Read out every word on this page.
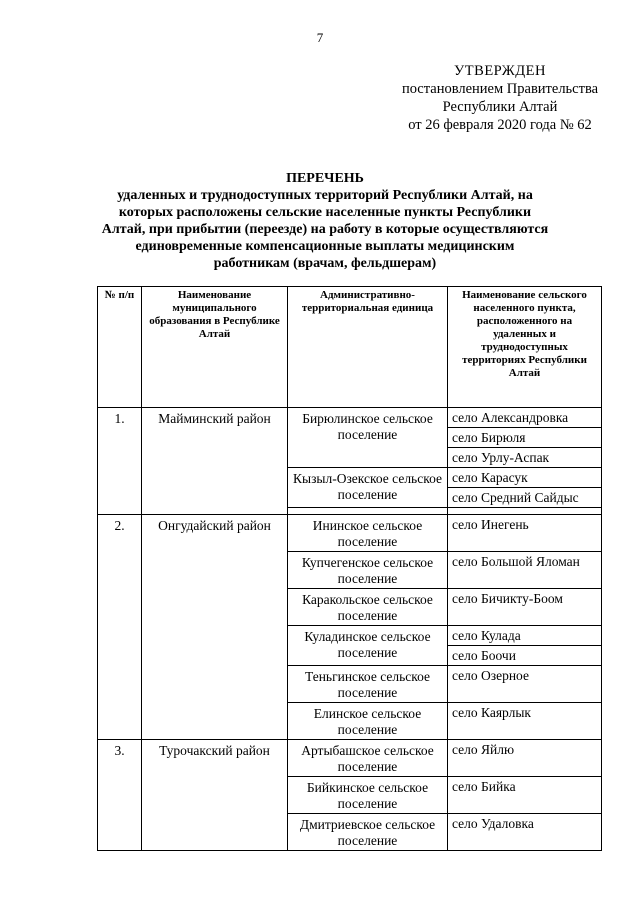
7
УТВЕРЖДЕН
постановлением Правительства
Республики Алтай
от 26 февраля 2020 года № 62
ПЕРЕЧЕНЬ
удаленных и труднодоступных территорий Республики Алтай, на
которых расположены сельские населенные пункты Республики
Алтай, при прибытии (переезде) на работу в которые осуществляются
единовременные компенсационные выплаты медицинским
работникам (врачам, фельдшерам)
№ п/п	Наименование муниципального образования в Республике Алтай	Административно-территориальная единица	Наименование сельского населенного пункта, расположенного на удаленных и труднодоступных территориях Республики Алтай
1.	Майминский район	Бирюлинское сельское поселение	село Александровка
			село Бирюля
			село Урлу-Аспак
		Кызыл-Озекское сельское поселение	село Карасук
			село Средний Сайдыс

2.	Онгудайский район	Ининское сельское поселение	село Инегень
		Купчегенское сельское поселение	село Большой Яломан
		Каракольское сельское поселение	село Бичикту-Боом
		Куладинское сельское поселение	село Кулада
			село Боочи
		Теньгинское сельское поселение	село Озерное
		Елинское сельское поселение	село Каярлык
3.	Турочакский район	Артыбашское сельское поселение	село Яйлю
		Бийкинское сельское поселение	село Бийка
		Дмитриевское сельское поселение	село Удаловка
